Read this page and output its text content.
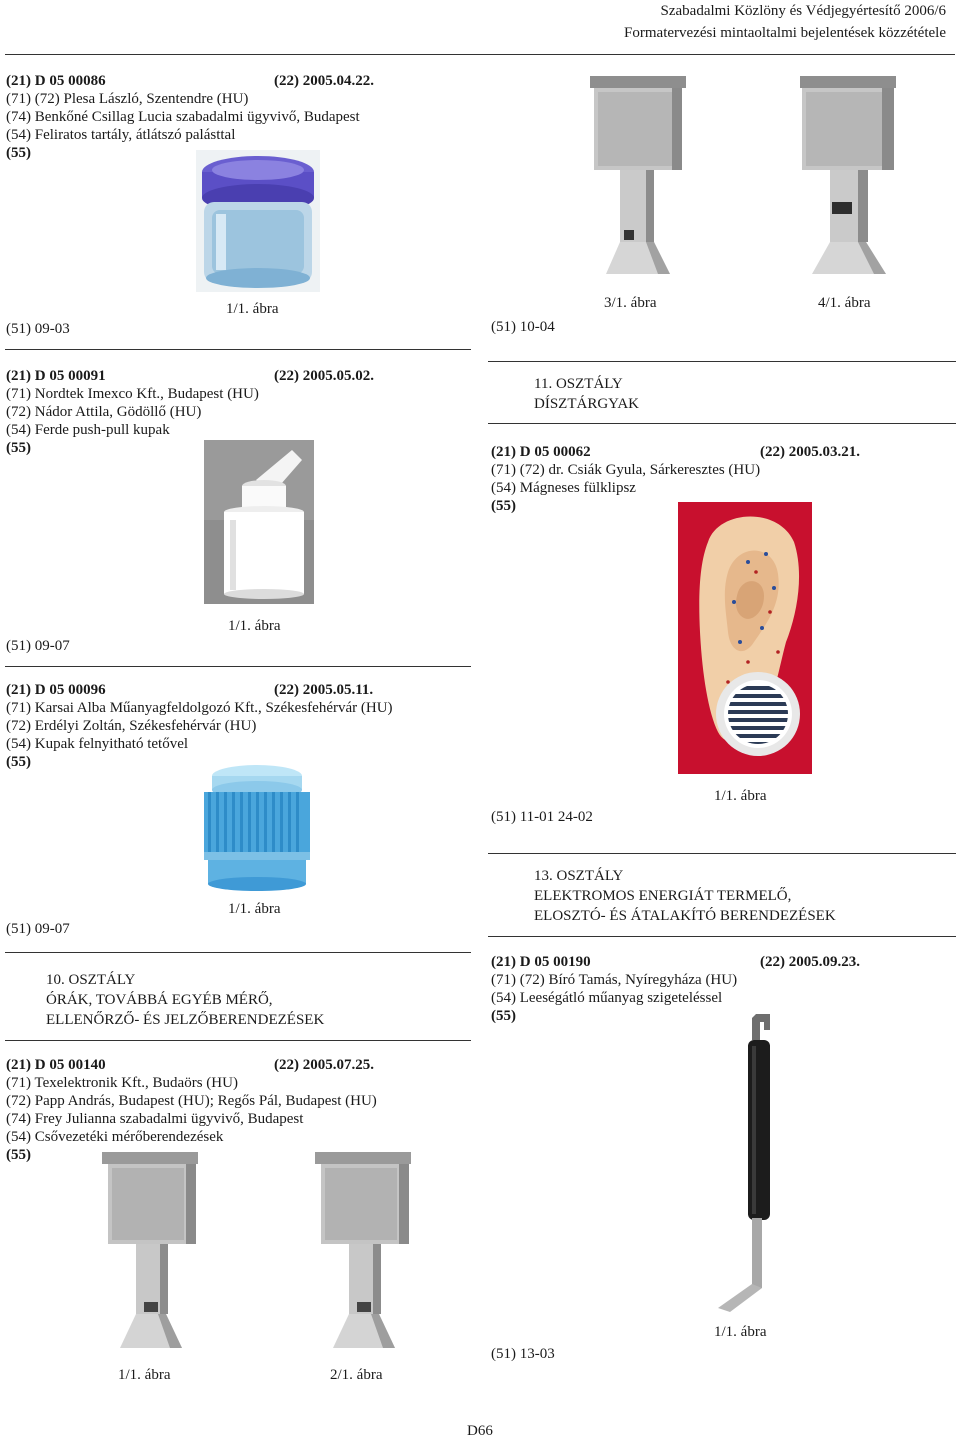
Szabadalmi Közlöny és Védjegyértesítő 2006/6
Formatervezési mintaoltalmi bejelentések közzététele
(21) D 05 00086	(22) 2005.04.22.
(71) (72) Plesa László, Szentendre (HU)
(74) Benkőné Csillag Lucia szabadalmi ügyvivő, Budapest
(54) Feliratos tartály, átlátszó palásttal
(55)
1/1. ábra
(51) 09-03
(21) D 05 00091	(22) 2005.05.02.
(71) Nordtek Imexco Kft., Budapest (HU)
(72) Nádor Attila, Gödöllő (HU)
(54) Ferde push-pull kupak
(55)
1/1. ábra
(51) 09-07
(21) D 05 00096	(22) 2005.05.11.
(71) Karsai Alba Műanyagfeldolgozó Kft., Székesfehérvár (HU)
(72) Erdélyi Zoltán, Székesfehérvár (HU)
(54) Kupak felnyitható tetővel
(55)
1/1. ábra
(51) 09-07
10. OSZTÁLY
ÓRÁK, TOVÁBBÁ EGYÉB MÉRŐ,
ELLENŐRZŐ- ÉS JELZŐBERENDEZÉSEK
(21) D 05 00140	(22) 2005.07.25.
(71) Texelektronik Kft., Budaörs (HU)
(72) Papp András, Budapest (HU); Regős Pál, Budapest (HU)
(74) Frey Julianna szabadalmi ügyvivő, Budapest
(54) Csővezetéki mérőberendezések
(55)
1/1. ábra	2/1. ábra
3/1. ábra	4/1. ábra
(51) 10-04
11. OSZTÁLY
DÍSZTÁRGYAK
(21) D 05 00062	(22) 2005.03.21.
(71) (72) dr. Csiák Gyula, Sárkeresztes (HU)
(54) Mágneses fülklipsz
(55)
1/1. ábra
(51) 11-01 24-02
13. OSZTÁLY
ELEKTROMOS ENERGIÁT TERMELŐ,
ELOSZTÓ- ÉS ÁTALAKÍTÓ BERENDEZÉSEK
(21) D 05 00190	(22) 2005.09.23.
(71) (72) Bíró Tamás, Nyíregyháza (HU)
(54) Leeségátló műanyag szigeteléssel
(55)
1/1. ábra
(51) 13-03
D66
